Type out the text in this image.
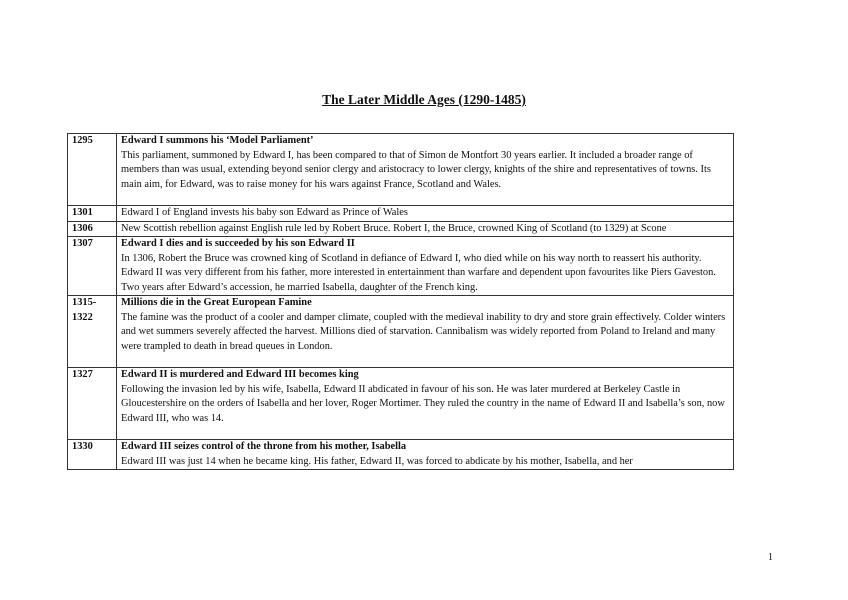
The Later Middle Ages (1290-1485)
1295	Edward I summons his ‘Model Parliament’
This parliament, summoned by Edward I, has been compared to that of Simon de Montfort 30 years earlier. It included a broader range of members than was usual, extending beyond senior clergy and aristocracy to lower clergy, knights of the shire and representatives of towns. Its main aim, for Edward, was to raise money for his wars against France, Scotland and Wales.

1301	Edward I of England invests his baby son Edward as Prince of Wales

1306	New Scottish rebellion against English rule led by Robert Bruce. Robert I, the Bruce, crowned King of Scotland (to 1329) at Scone

1307	Edward I dies and is succeeded by his son Edward II
In 1306, Robert the Bruce was crowned king of Scotland in defiance of Edward I, who died while on his way north to reassert his authority. Edward II was very different from his father, more interested in entertainment than warfare and dependent upon favourites like Piers Gaveston. Two years after Edward’s accession, he married Isabella, daughter of the French king.

1315-1322	Millions die in the Great European Famine
The famine was the product of a cooler and damper climate, coupled with the medieval inability to dry and store grain effectively. Colder winters and wet summers severely affected the harvest. Millions died of starvation. Cannibalism was widely reported from Poland to Ireland and many were trampled to death in bread queues in London.

1327	Edward II is murdered and Edward III becomes king
Following the invasion led by his wife, Isabella, Edward II abdicated in favour of his son. He was later murdered at Berkeley Castle in Gloucestershire on the orders of Isabella and her lover, Roger Mortimer. They ruled the country in the name of Edward II and Isabella’s son, now Edward III, who was 14.

1330	Edward III seizes control of the throne from his mother, Isabella
Edward III was just 14 when he became king. His father, Edward II, was forced to abdicate by his mother, Isabella, and her
1
